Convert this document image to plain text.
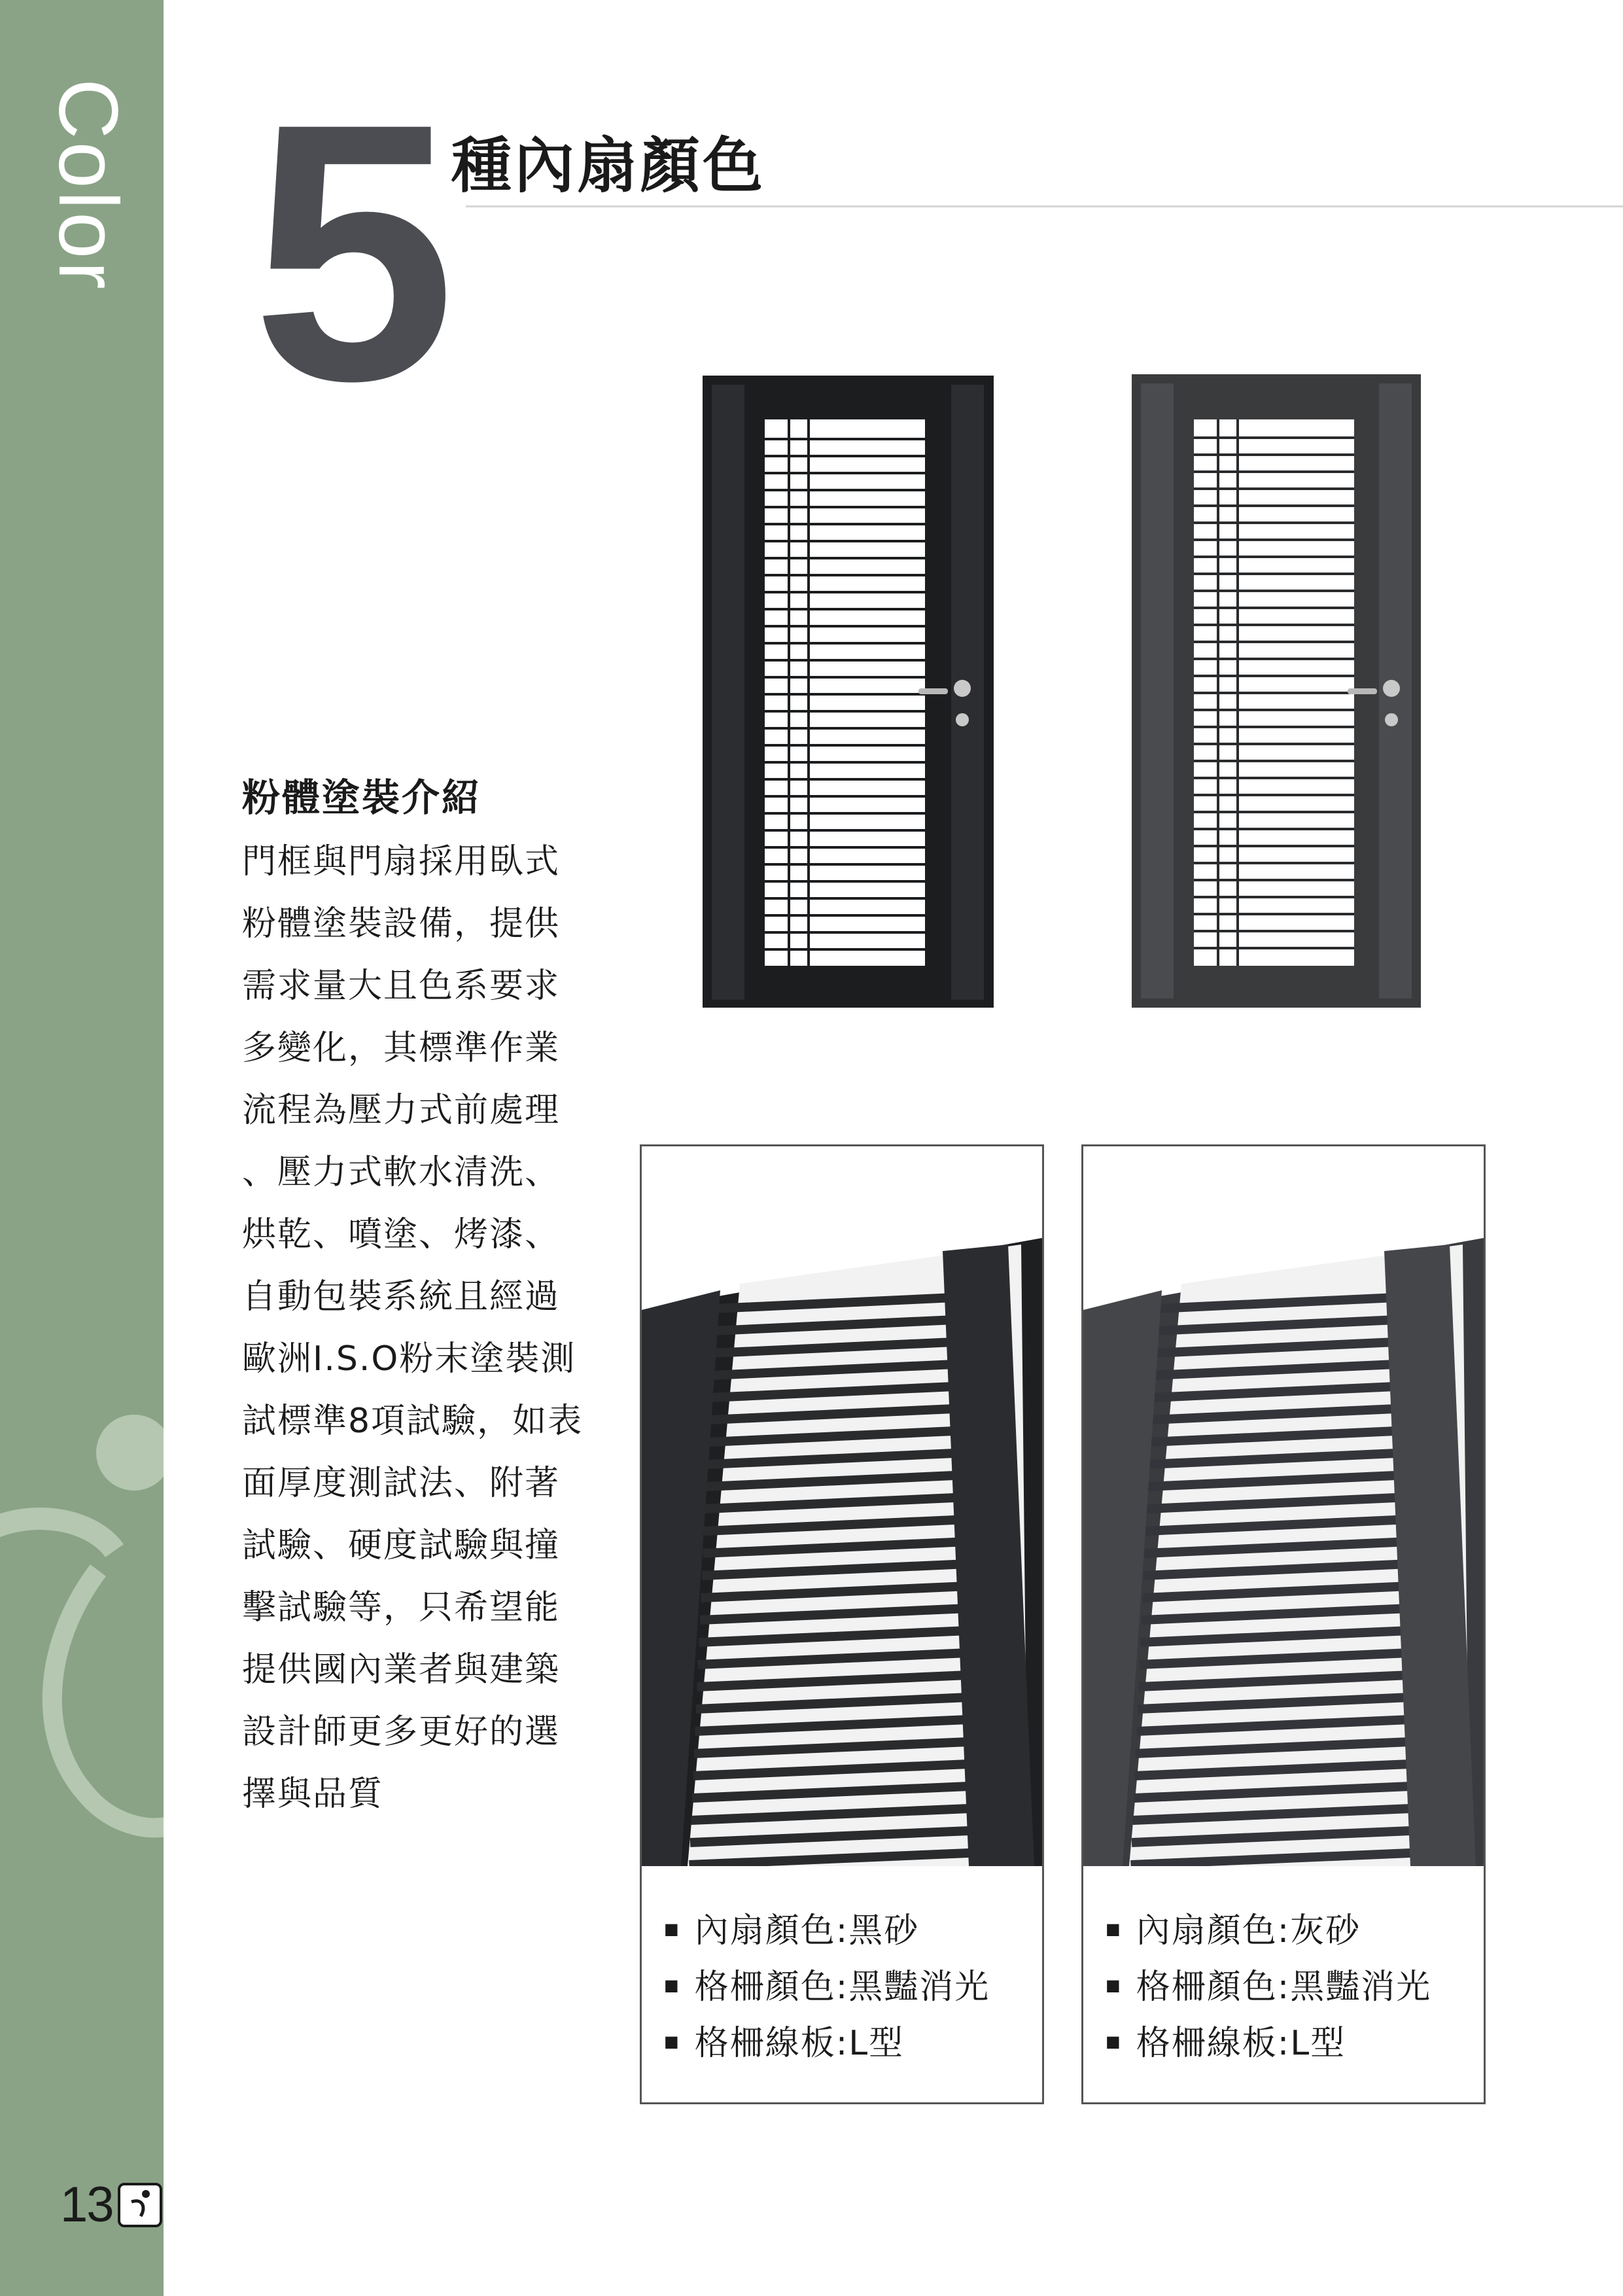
Color 5 種內扇顏色
粉體塗裝介紹
門框與門扇採用臥式
粉體塗裝設備，提供
需求量大且色系要求
多變化，其標準作業
流程為壓力式前處理
、壓力式軟水清洗、
烘乾、噴塗、烤漆、
自動包裝系統且經過
歐洲I.S.O粉末塗裝測
試標準8項試驗，如表
面厚度測試法、附著
試驗、硬度試驗與撞
擊試驗等，只希望能
提供國內業者與建築
設計師更多更好的選
擇與品質
■ 內扇顏色:黑砂
■ 格柵顏色:黑豔消光
■ 格柵線板:L型
■ 內扇顏色:灰砂
■ 格柵顏色:黑豔消光
■ 格柵線板:L型
13
